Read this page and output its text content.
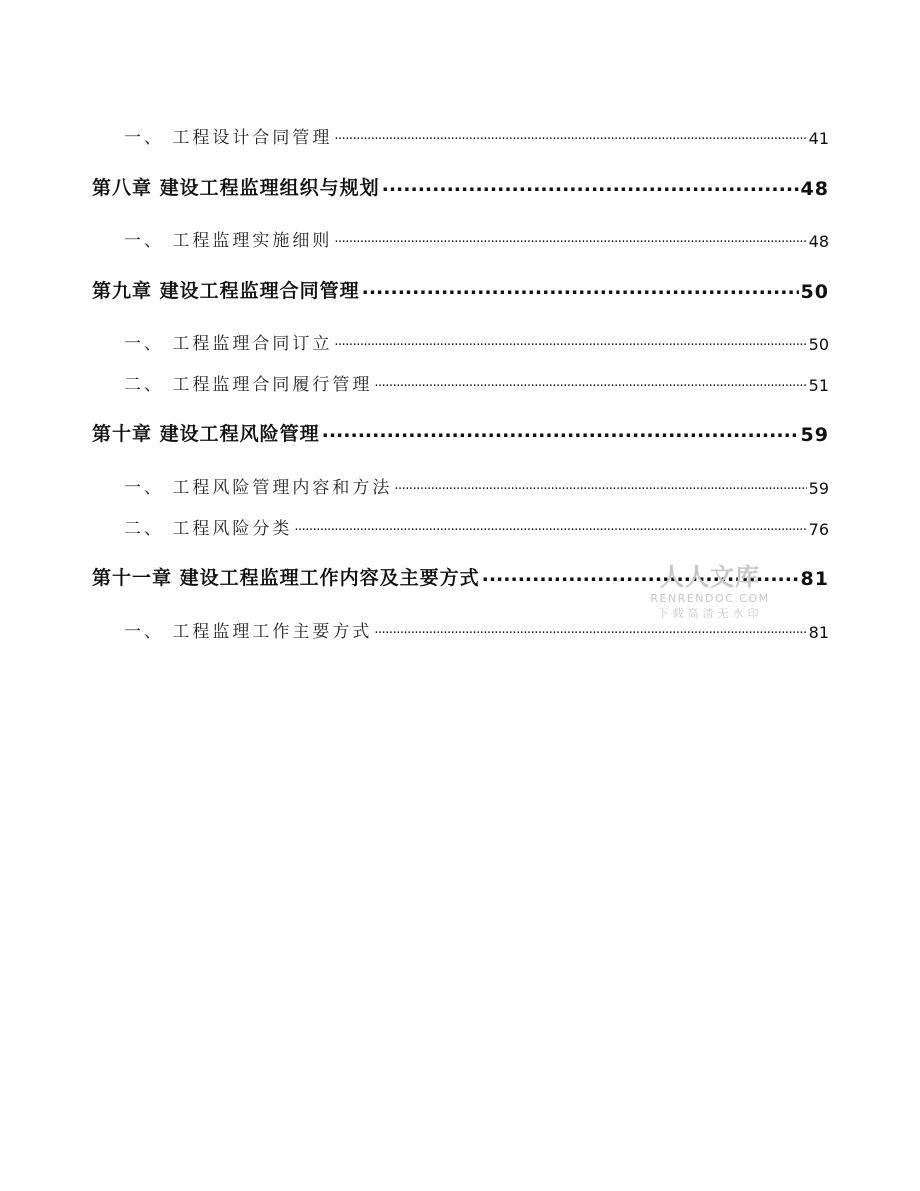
一、 工程设计合同管理 .....	41
第八章 建设工程监理组织与规划 .....	48
一、 工程监理实施细则 .....	48
第九章 建设工程监理合同管理 .....	50
一、 工程监理合同订立 .....	50
二、 工程监理合同履行管理 .....	51
第十章 建设工程风险管理 .....	59
一、 工程风险管理内容和方法 .....	59
二、 工程风险分类 .....	76
第十一章 建设工程监理工作内容及主要方式 .....	81
一、 工程监理工作主要方式 .....	81
人人文库
RENRENDOC.COM
下载高清无水印
